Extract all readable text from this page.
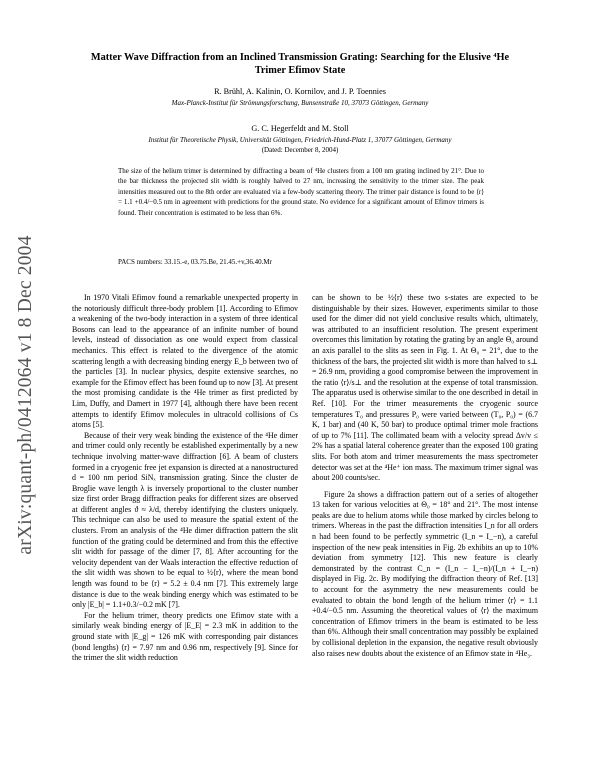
arXiv:quant-ph/0412064 v1 8 Dec 2004
Matter Wave Diffraction from an Inclined Transmission Grating: Searching for the Elusive ⁴He
Trimer Efimov State
R. Brühl, A. Kalinin, O. Kornilov, and J. P. Toennies
Max-Planck-Institut für Strömungsforschung, Bunsenstraße 10, 37073 Göttingen, Germany
G. C. Hegerfeldt and M. Stoll
Institut für Theoretische Physik, Universität Göttingen, Friedrich-Hund-Platz 1, 37077 Göttingen, Germany
(Dated: December 8, 2004)
The size of the helium trimer is determined by diffracting a beam of ⁴He clusters from a 100 nm grating inclined by 21°. Due to the bar thickness the projected slit width is roughly halved to 27 nm, increasing the sensitivity to the trimer size. The peak intensities measured out to the 8th order are evaluated via a few-body scattering theory. The trimer pair distance is found to be ⟨r⟩ = 1.1 +0.4/−0.5 nm in agreement with predictions for the ground state. No evidence for a significant amount of Efimov trimers is found. Their concentration is estimated to be less than 6%.
PACS numbers: 33.15.-e, 03.75.Be, 21.45.+v,36.40.Mr

In 1970 Vitali Efimov found a remarkable unexpected property in the notoriously difficult three-body problem [1]. According to Efimov a weakening of the two-body interaction in a system of three identical Bosons can lead to the appearance of an infinite number of bound levels, instead of dissociation as one would expect from classical mechanics. This effect is related to the divergence of the atomic scattering length a with decreasing binding energy E_b between two of the particles [3]. In nuclear physics, despite extensive searches, no example for the Efimov effect has been found up to now [3]. At present the most promising candidate is the ⁴He trimer as first predicted by Lim, Duffy, and Damert in 1977 [4], although there have been recent attempts to identify Efimov molecules in ultracold collisions of Cs atoms [5].

Because of their very weak binding the existence of the ⁴He dimer and trimer could only recently be established experimentally by a new technique involving matter-wave diffraction [6]. A beam of clusters formed in a cryogenic free jet expansion is directed at a nanostructured d = 100 nm period SiNₓ transmission grating. Since the cluster de Broglie wave length λ is inversely proportional to the cluster number size first order Bragg diffraction peaks for different sizes are observed at different angles ϑ ≈ λ/d, thereby identifying the clusters uniquely. This technique can also be used to measure the spatial extent of the clusters. From an analysis of the ⁴He dimer diffraction pattern the slit function of the grating could be determined and from this the effective slit width for passage of the dimer [7, 8]. After accounting for the velocity dependent van der Waals interaction the effective reduction of the slit width was shown to be equal to ½⟨r⟩, where the mean bond length was found to be ⟨r⟩ = 5.2 ± 0.4 nm [7]. This extremely large distance is due to the weak binding energy which was estimated to be only |E_b| = 1.1+0.3/−0.2 mK [7].

For the helium trimer, theory predicts one Efimov state with a similarly weak binding energy of |E_E| = 2.3 mK in addition to the ground state with |E_g| = 126 mK with corresponding pair distances (bond lengths) ⟨r⟩ = 7.97 nm and 0.96 nm, respectively [9]. Since for the trimer the slit width reduction

can be shown to be ½⟨r⟩ these two s-states are expected to be distinguishable by their sizes. However, experiments similar to those used for the dimer did not yield conclusive results which, ultimately, was attributed to an insufficient resolution. The present experiment overcomes this limitation by rotating the grating by an angle Θ₀ around an axis parallel to the slits as seen in Fig. 1. At Θ₀ = 21°, due to the thickness of the bars, the projected slit width is more than halved to s⊥ = 26.9 nm, providing a good compromise between the improvement in the ratio ⟨r⟩/s⊥ and the resolution at the expense of total transmission. The apparatus used is otherwise similar to the one described in detail in Ref. [10]. For the trimer measurements the cryogenic source temperatures T₀ and pressures P₀ were varied between (T₀, P₀) = (6.7 K, 1 bar) and (40 K, 50 bar) to produce optimal trimer mole fractions of up to 7% [11]. The collimated beam with a velocity spread Δv/v ≤ 2% has a spatial lateral coherence greater than the exposed 100 grating slits. For both atom and trimer measurements the mass spectrometer detector was set at the ⁴He⁺ ion mass. The maximum trimer signal was about 200 counts/sec.

Figure 2a shows a diffraction pattern out of a series of altogether 13 taken for various velocities at Θ₀ = 18° and 21°. The most intense peaks are due to helium atoms while those marked by circles belong to trimers. Whereas in the past the diffraction intensities I_n for all orders n had been found to be perfectly symmetric (I_n = I_−n), a careful inspection of the new peak intensities in Fig. 2b exhibits an up to 10% deviation from symmetry [12]. This new feature is clearly demonstrated by the contrast C_n = (I_n − I_−n)/(I_n + I_−n) displayed in Fig. 2c. By modifying the diffraction theory of Ref. [13] to account for the asymmetry the new measurements could be evaluated to obtain the bond length of the helium trimer ⟨r⟩ = 1.1 +0.4/−0.5 nm. Assuming the theoretical values of ⟨r⟩ the maximum concentration of Efimov trimers in the beam is estimated to be less than 6%. Although their small concentration may possibly be explained by collisional depletion in the expansion, the negative result obviously also raises new doubts about the existence of an Efimov state in ⁴He₃.
